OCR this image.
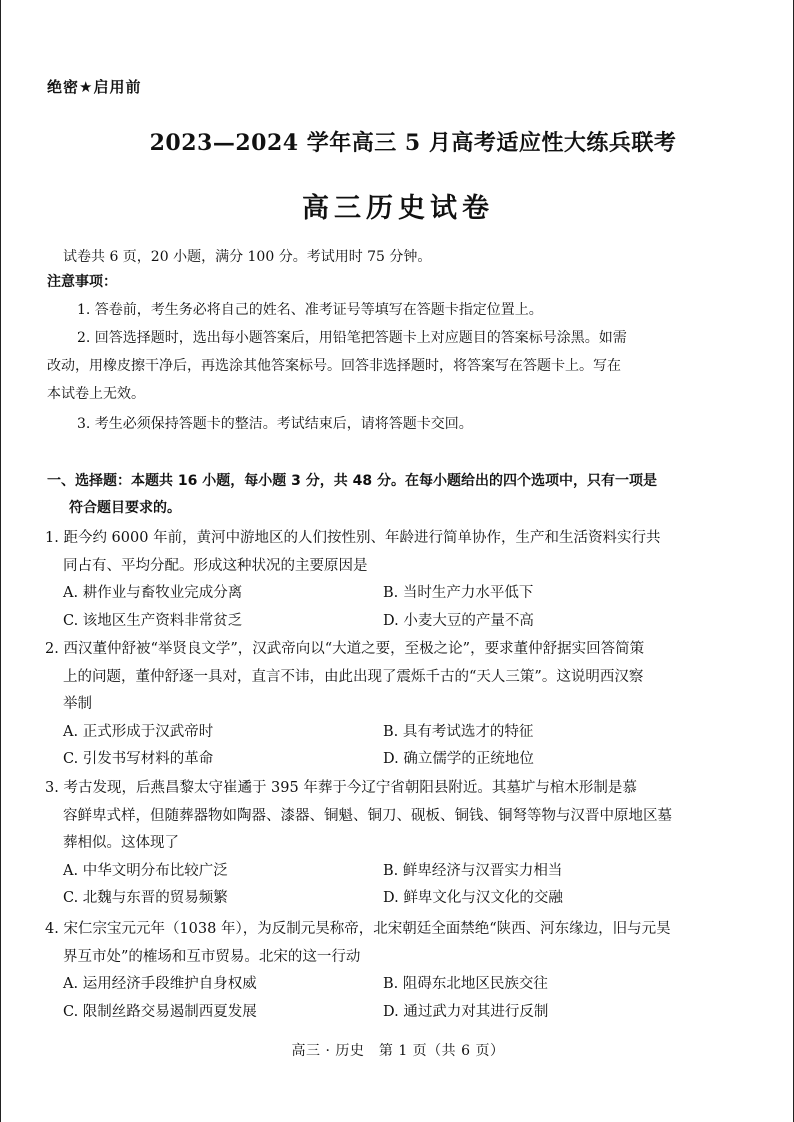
绝密★启用前
2023—2024 学年高三 5 月高考适应性大练兵联考
高三历史试卷
试卷共 6 页，20 小题，满分 100 分。考试用时 75 分钟。
注意事项：
1. 答卷前，考生务必将自己的姓名、准考证号等填写在答题卡指定位置上。
2. 回答选择题时，选出每小题答案后，用铅笔把答题卡上对应题目的答案标号涂黑。如需
改动，用橡皮擦干净后，再选涂其他答案标号。回答非选择题时，将答案写在答题卡上。写在
本试卷上无效。
3. 考生必须保持答题卡的整洁。考试结束后，请将答题卡交回。
一、选择题：本题共 16 小题，每小题 3 分，共 48 分。在每小题给出的四个选项中，只有一项是
符合题目要求的。
1. 距今约 6000 年前，黄河中游地区的人们按性别、年龄进行简单协作，生产和生活资料实行共
同占有、平均分配。形成这种状况的主要原因是
A. 耕作业与畜牧业完成分离	B. 当时生产力水平低下
C. 该地区生产资料非常贫乏	D. 小麦大豆的产量不高
2. 西汉董仲舒被“举贤良文学”，汉武帝向以“大道之要，至极之论”，要求董仲舒据实回答简策
上的问题，董仲舒逐一具对，直言不讳，由此出现了震烁千古的“天人三策”。这说明西汉察
举制
A. 正式形成于汉武帝时	B. 具有考试选才的特征
C. 引发书写材料的革命	D. 确立儒学的正统地位
3. 考古发现，后燕昌黎太守崔遹于 395 年葬于今辽宁省朝阳县附近。其墓圹与棺木形制是慕
容鲜卑式样，但随葬器物如陶器、漆器、铜魁、铜刀、砚板、铜钱、铜弩等物与汉晋中原地区墓
葬相似。这体现了
A. 中华文明分布比较广泛	B. 鲜卑经济与汉晋实力相当
C. 北魏与东晋的贸易频繁	D. 鲜卑文化与汉文化的交融
4. 宋仁宗宝元元年（1038 年），为反制元昊称帝，北宋朝廷全面禁绝“陕西、河东缘边，旧与元昊
界互市处”的榷场和互市贸易。北宋的这一行动
A. 运用经济手段维护自身权威	B. 阻碍东北地区民族交往
C. 限制丝路交易遏制西夏发展	D. 通过武力对其进行反制
高三 · 历史　第 1 页（共 6 页）
